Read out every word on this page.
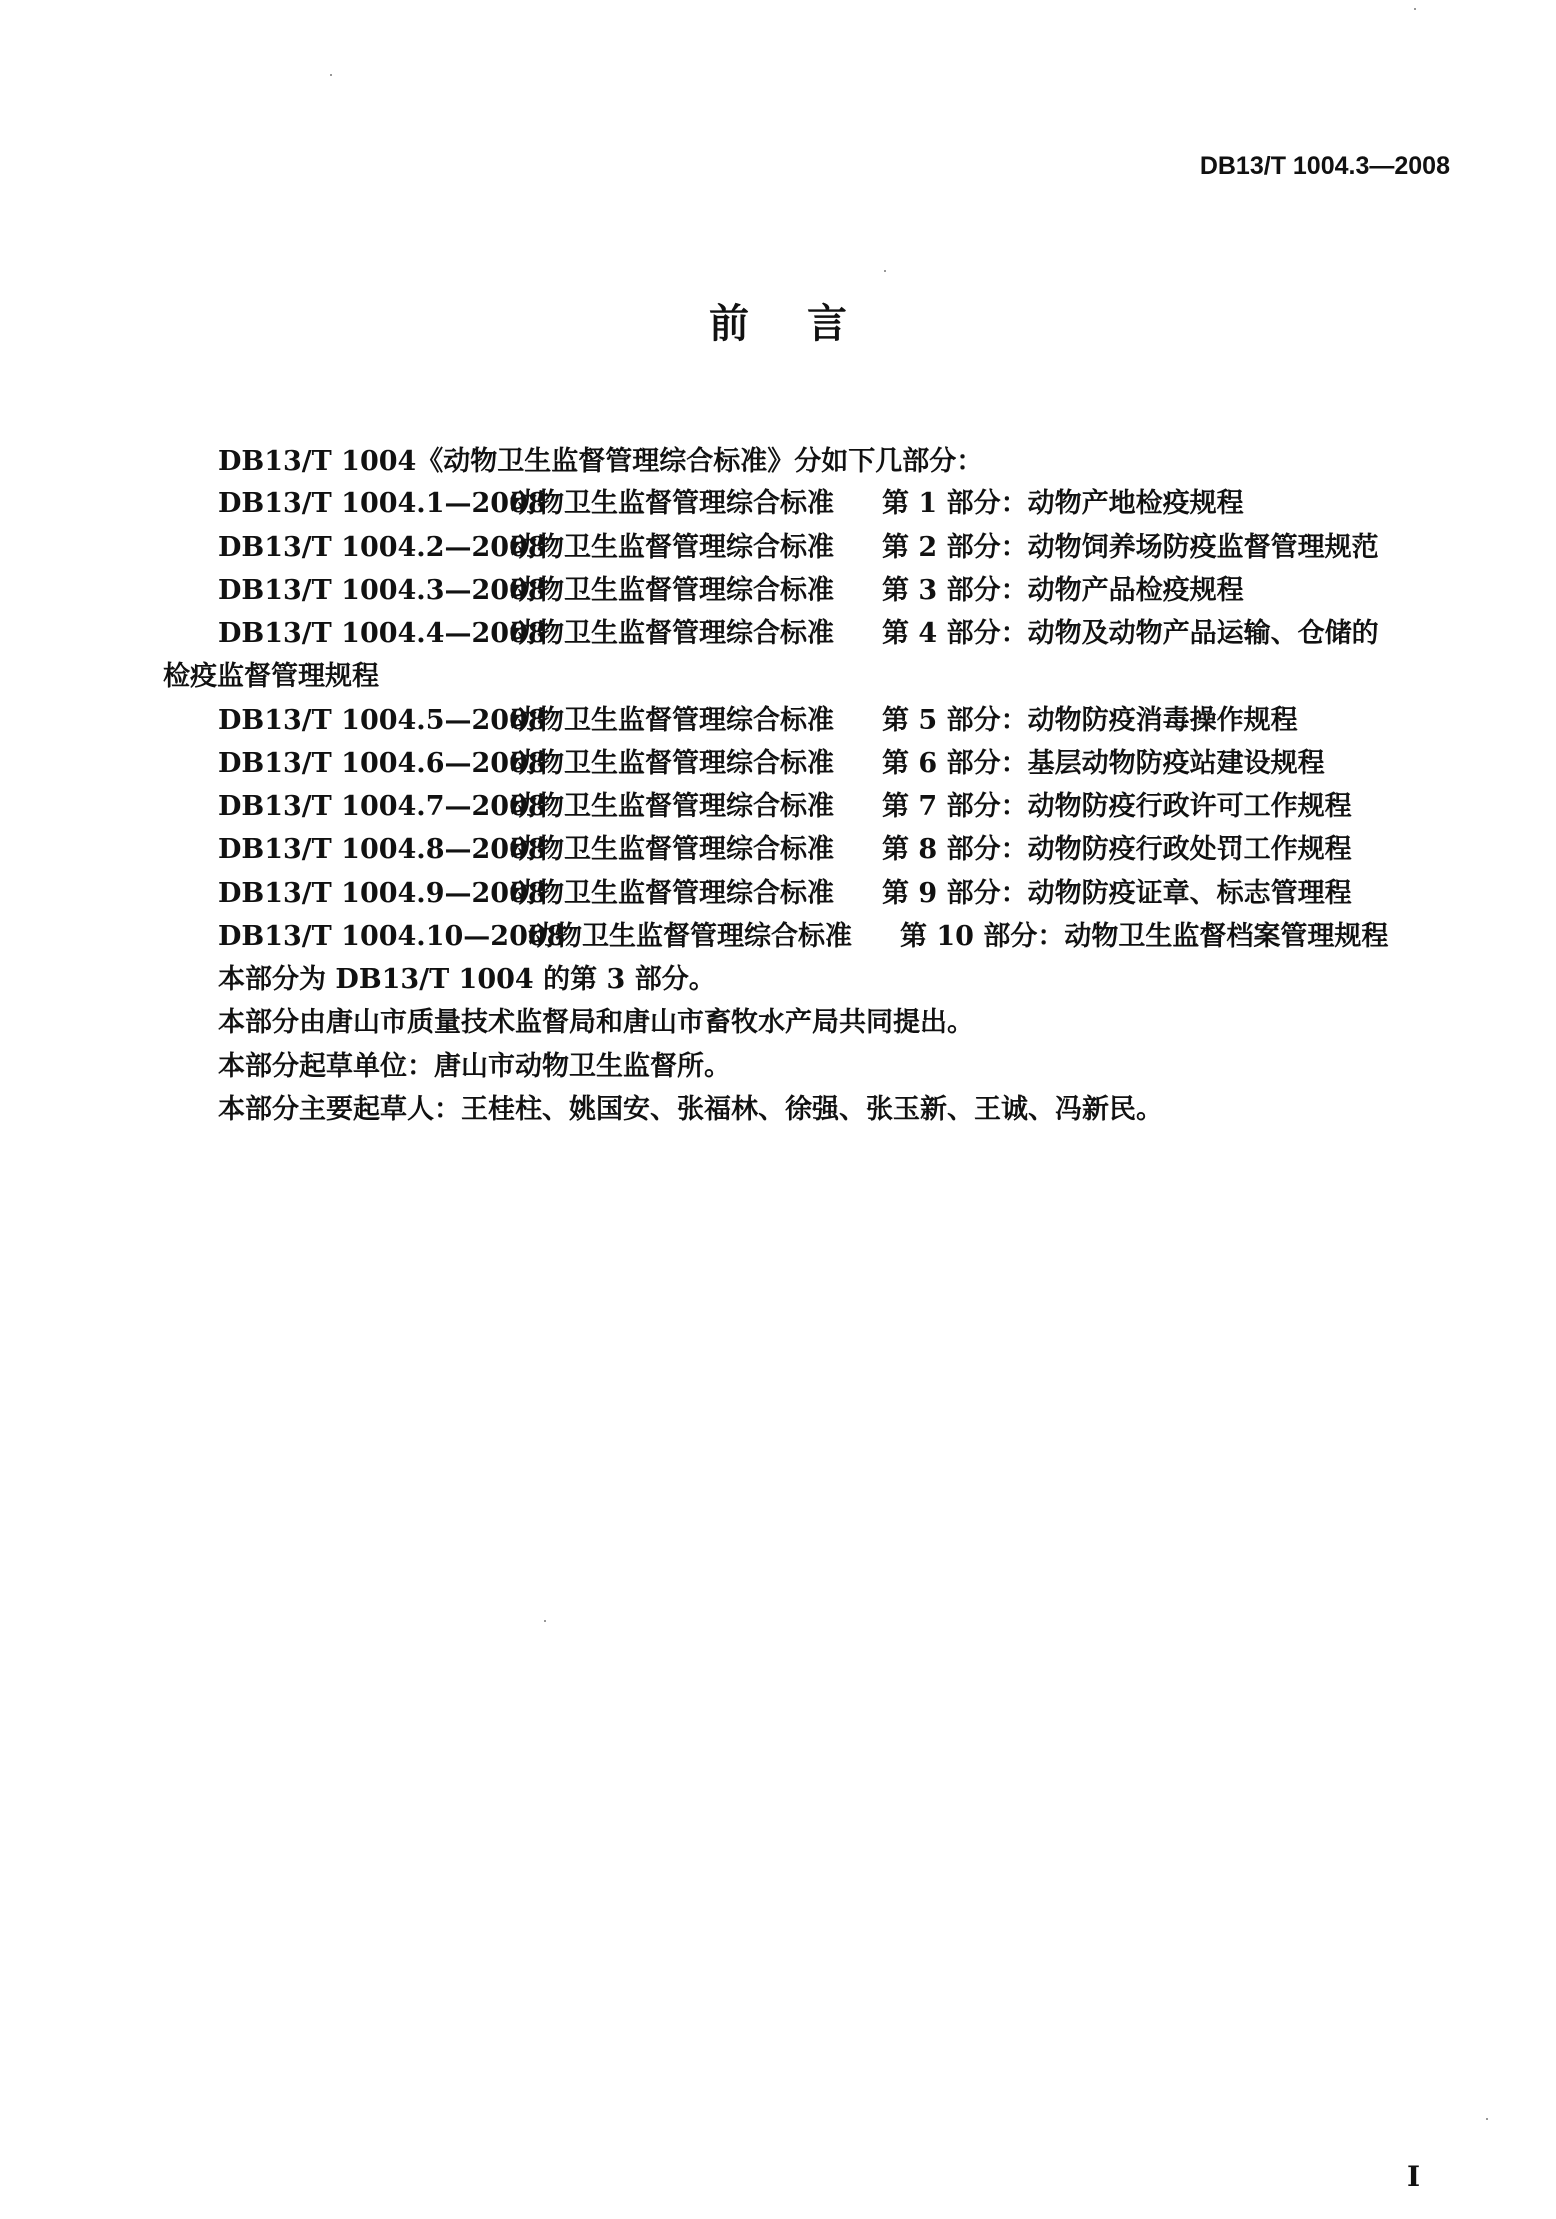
DB13/T 1004.3—2008
前言
DB13/T 1004《动物卫生监督管理综合标准》分如下几部分：
DB13/T 1004.1—2008动物卫生监督管理综合标准 第 1 部分：动物产地检疫规程
DB13/T 1004.2—2008动物卫生监督管理综合标准 第 2 部分：动物饲养场防疫监督管理规范
DB13/T 1004.3—2008动物卫生监督管理综合标准 第 3 部分：动物产品检疫规程
DB13/T 1004.4—2008动物卫生监督管理综合标准 第 4 部分：动物及动物产品运输、仓储的
检疫监督管理规程
DB13/T 1004.5—2008动物卫生监督管理综合标准 第 5 部分：动物防疫消毒操作规程
DB13/T 1004.6—2008动物卫生监督管理综合标准 第 6 部分：基层动物防疫站建设规程
DB13/T 1004.7—2008动物卫生监督管理综合标准 第 7 部分：动物防疫行政许可工作规程
DB13/T 1004.8—2008动物卫生监督管理综合标准 第 8 部分：动物防疫行政处罚工作规程
DB13/T 1004.9—2008动物卫生监督管理综合标准 第 9 部分：动物防疫证章、标志管理程
DB13/T 1004.10—2008动物卫生监督管理综合标准 第 10 部分：动物卫生监督档案管理规程
本部分为 DB13/T 1004 的第 3 部分。
本部分由唐山市质量技术监督局和唐山市畜牧水产局共同提出。
本部分起草单位：唐山市动物卫生监督所。
本部分主要起草人：王桂柱、姚国安、张福林、徐强、张玉新、王诚、冯新民。
I
